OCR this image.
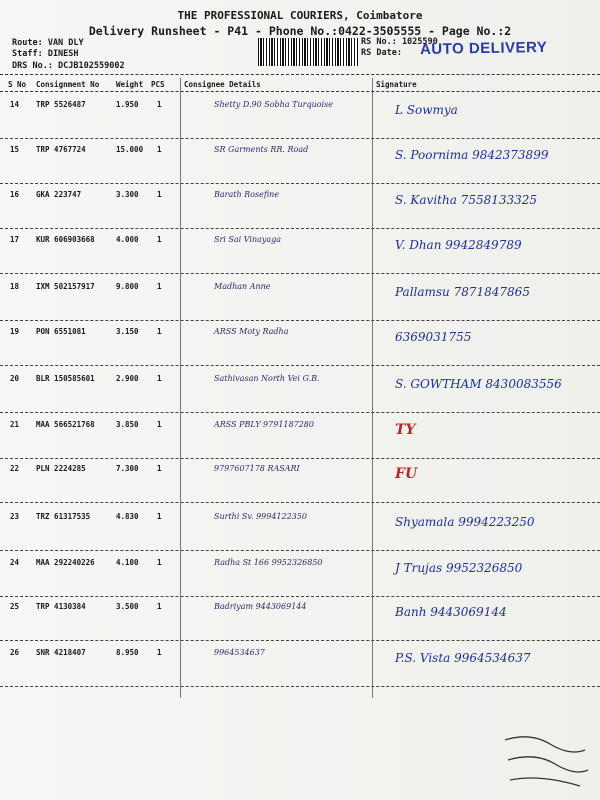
THE PROFESSIONAL COURIERS, Coimbatore
Delivery Runsheet - P41 - Phone No.:0422-3505555 - Page No.:2
Route: VAN DLY
Staff: DINESH
DRS No.: DCJB102559002
RS No.: 1025590
RS Date: AUTO DELIVERY
S No Consignment No Weight PCS	Consignee Details	Signature
14 TRP 5526487	1.950 1	Shetty D.90 Sobha Turquoise	L Sowmya
15 TRP 4767724	15.000 1	SR Garments RR. Road	S. Poornima 9842373899
16 GKA 223747	3.300 1	Barath Rosefine	S. Kavitha 7558133325
17 KUR 606903668	4.000 1	Sri Sai Vinayaga	V. Dhan 9942849789
18 IXM 502157917	9.800 1	Madhan Anne	Pallamsu 7871847865
19 PON 6551081	3.150 1	ARSS Moty Radha	6369031755
20 BLR 150585601	2.900 1	Sathivasan North Vei G.B.	S. GOWTHAM 8430083556
21 MAA 566521768	3.850 1	ARSS PBLY 9791187280	TY
22 PLN 2224285	7.300 1	9797607178 RASARI	FU
23 TRZ 61317535	4.830 1	Surthi Sv. 9994122350	Shyamala 9994223250
24 MAA 292240226	4.100 1	Radha St 166 9952326850	J Trujas 9952326850
25 TRP 4130384	3.500 1	Badriyam 9443069144	Banh 9443069144
26 SNR 4218407	8.950 1	9964534637	P.S. Vista 9964534637
